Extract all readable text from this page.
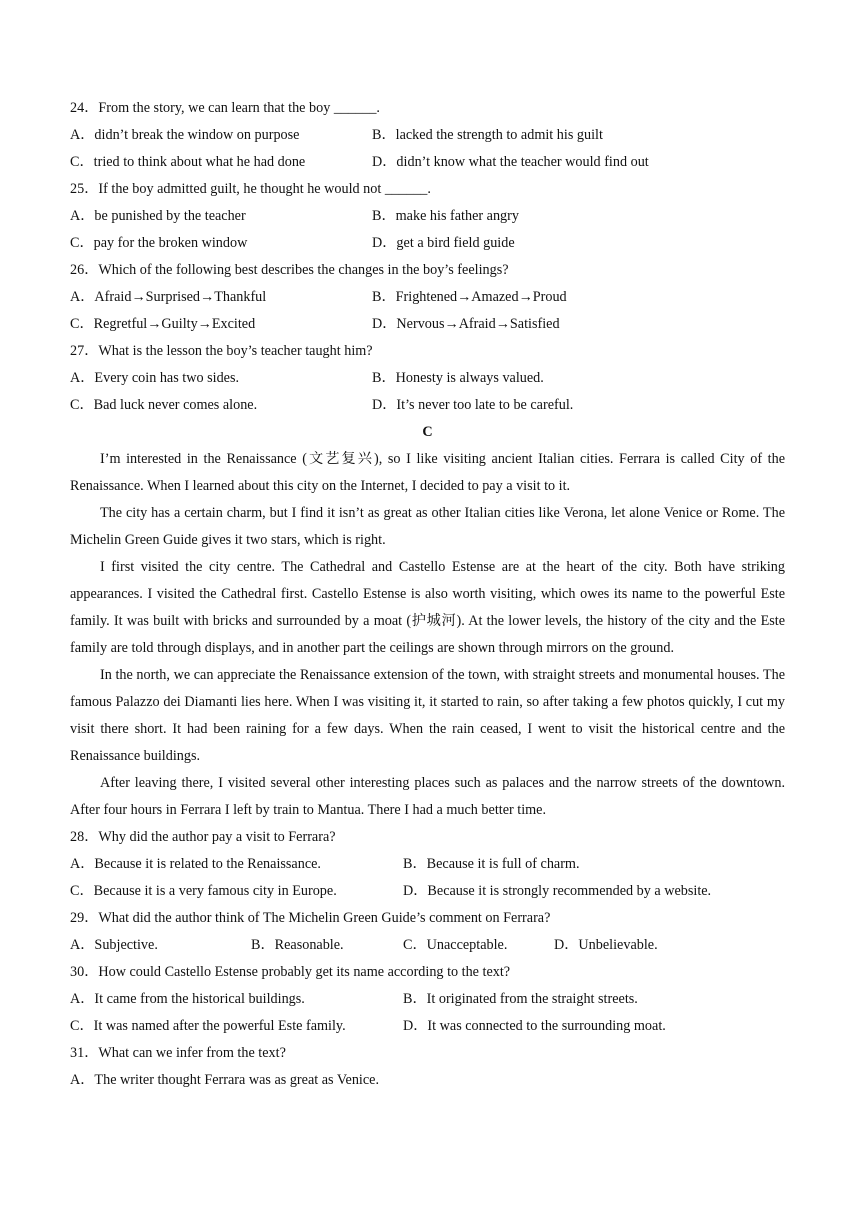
24．From the story, we can learn that the boy ______.
A．didn’t break the window on purpose	B．lacked the strength to admit his guilt
C．tried to think about what he had done	D．didn’t know what the teacher would find out
25．If the boy admitted guilt, he thought he would not ______.
A．be punished by the teacher	B．make his father angry
C．pay for the broken window	D．get a bird field guide
26．Which of the following best describes the changes in the boy’s feelings?
A．Afraid→Surprised→Thankful	B．Frightened→Amazed→Proud
C．Regretful→Guilty→Excited	D．Nervous→Afraid→Satisfied
27．What is the lesson the boy’s teacher taught him?
A．Every coin has two sides.	B．Honesty is always valued.
C．Bad luck never comes alone.	D．It’s never too late to be careful.
C

I’m interested in the Renaissance (文艺复兴), so I like visiting ancient Italian cities. Ferrara is called City of the Renaissance. When I learned about this city on the Internet, I decided to pay a visit to it.

The city has a certain charm, but I find it isn’t as great as other Italian cities like Verona, let alone Venice or Rome. The Michelin Green Guide gives it two stars, which is right.

I first visited the city centre. The Cathedral and Castello Estense are at the heart of the city. Both have striking appearances. I visited the Cathedral first. Castello Estense is also worth visiting, which owes its name to the powerful Este family. It was built with bricks and surrounded by a moat (护城河). At the lower levels, the history of the city and the Este family are told through displays, and in another part the ceilings are shown through mirrors on the ground.

In the north, we can appreciate the Renaissance extension of the town, with straight streets and monumental houses. The famous Palazzo dei Diamanti lies here. When I was visiting it, it started to rain, so after taking a few photos quickly, I cut my visit there short. It had been raining for a few days. When the rain ceased, I went to visit the historical centre and the Renaissance buildings.

After leaving there, I visited several other interesting places such as palaces and the narrow streets of the downtown. After four hours in Ferrara I left by train to Mantua. There I had a much better time.

28．Why did the author pay a visit to Ferrara?
A．Because it is related to the Renaissance.	B．Because it is full of charm.
C．Because it is a very famous city in Europe.	D．Because it is strongly recommended by a website.
29．What did the author think of The Michelin Green Guide’s comment on Ferrara?
A．Subjective.	B．Reasonable.	C．Unacceptable.	D．Unbelievable.
30．How could Castello Estense probably get its name according to the text?
A．It came from the historical buildings.	B．It originated from the straight streets.
C．It was named after the powerful Este family.	D．It was connected to the surrounding moat.
31．What can we infer from the text?
A．The writer thought Ferrara was as great as Venice.
